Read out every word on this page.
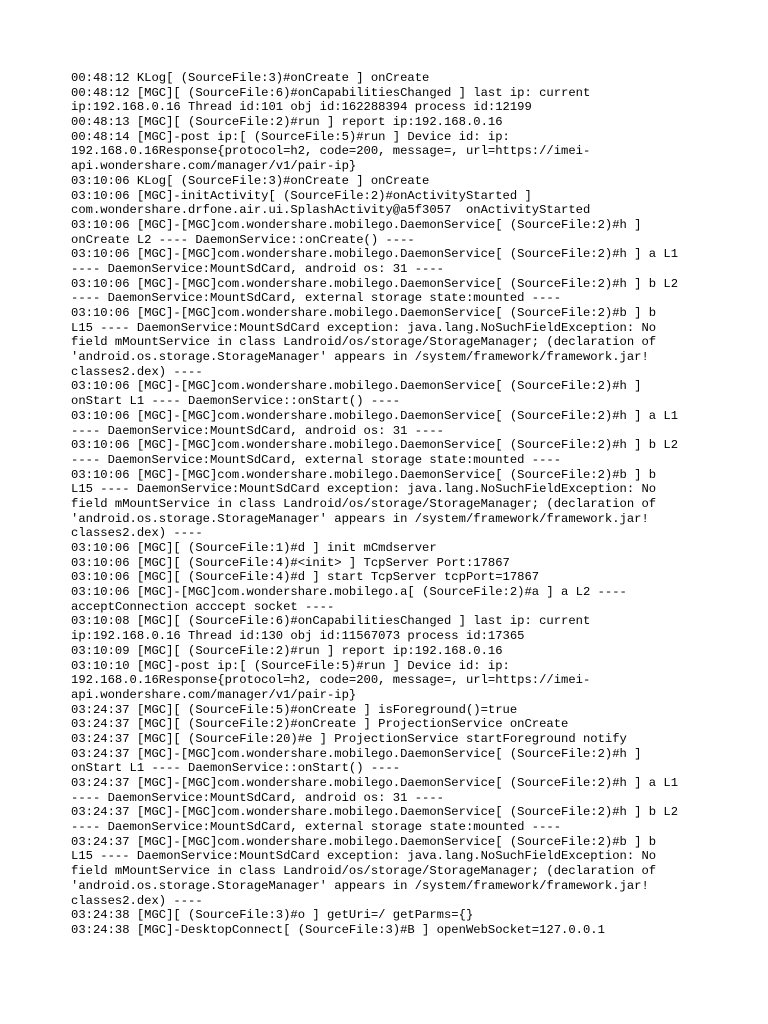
00:48:12 KLog[ (SourceFile:3)#onCreate ] onCreate
00:48:12 [MGC][ (SourceFile:6)#onCapabilitiesChanged ] last ip: current
ip:192.168.0.16 Thread id:101 obj id:162288394 process id:12199
00:48:13 [MGC][ (SourceFile:2)#run ] report ip:192.168.0.16
00:48:14 [MGC]-post ip:[ (SourceFile:5)#run ] Device id: ip:
192.168.0.16Response{protocol=h2, code=200, message=, url=https://imei-
api.wondershare.com/manager/v1/pair-ip}
03:10:06 KLog[ (SourceFile:3)#onCreate ] onCreate
03:10:06 [MGC]-initActivity[ (SourceFile:2)#onActivityStarted ]
com.wondershare.drfone.air.ui.SplashActivity@a5f3057  onActivityStarted
03:10:06 [MGC]-[MGC]com.wondershare.mobilego.DaemonService[ (SourceFile:2)#h ]
onCreate L2 ---- DaemonService::onCreate() ----
03:10:06 [MGC]-[MGC]com.wondershare.mobilego.DaemonService[ (SourceFile:2)#h ] a L1
---- DaemonService:MountSdCard, android os: 31 ----
03:10:06 [MGC]-[MGC]com.wondershare.mobilego.DaemonService[ (SourceFile:2)#h ] b L2
---- DaemonService:MountSdCard, external storage state:mounted ----
03:10:06 [MGC]-[MGC]com.wondershare.mobilego.DaemonService[ (SourceFile:2)#b ] b
L15 ---- DaemonService:MountSdCard exception: java.lang.NoSuchFieldException: No
field mMountService in class Landroid/os/storage/StorageManager; (declaration of
'android.os.storage.StorageManager' appears in /system/framework/framework.jar!
classes2.dex) ----
03:10:06 [MGC]-[MGC]com.wondershare.mobilego.DaemonService[ (SourceFile:2)#h ]
onStart L1 ---- DaemonService::onStart() ----
03:10:06 [MGC]-[MGC]com.wondershare.mobilego.DaemonService[ (SourceFile:2)#h ] a L1
---- DaemonService:MountSdCard, android os: 31 ----
03:10:06 [MGC]-[MGC]com.wondershare.mobilego.DaemonService[ (SourceFile:2)#h ] b L2
---- DaemonService:MountSdCard, external storage state:mounted ----
03:10:06 [MGC]-[MGC]com.wondershare.mobilego.DaemonService[ (SourceFile:2)#b ] b
L15 ---- DaemonService:MountSdCard exception: java.lang.NoSuchFieldException: No
field mMountService in class Landroid/os/storage/StorageManager; (declaration of
'android.os.storage.StorageManager' appears in /system/framework/framework.jar!
classes2.dex) ----
03:10:06 [MGC][ (SourceFile:1)#d ] init mCmdserver
03:10:06 [MGC][ (SourceFile:4)#<init> ] TcpServer Port:17867
03:10:06 [MGC][ (SourceFile:4)#d ] start TcpServer tcpPort=17867
03:10:06 [MGC]-[MGC]com.wondershare.mobilego.a[ (SourceFile:2)#a ] a L2 ----
acceptConnection acccept socket ----
03:10:08 [MGC][ (SourceFile:6)#onCapabilitiesChanged ] last ip: current
ip:192.168.0.16 Thread id:130 obj id:11567073 process id:17365
03:10:09 [MGC][ (SourceFile:2)#run ] report ip:192.168.0.16
03:10:10 [MGC]-post ip:[ (SourceFile:5)#run ] Device id: ip:
192.168.0.16Response{protocol=h2, code=200, message=, url=https://imei-
api.wondershare.com/manager/v1/pair-ip}
03:24:37 [MGC][ (SourceFile:5)#onCreate ] isForeground()=true
03:24:37 [MGC][ (SourceFile:2)#onCreate ] ProjectionService onCreate
03:24:37 [MGC][ (SourceFile:20)#e ] ProjectionService startForeground notify
03:24:37 [MGC]-[MGC]com.wondershare.mobilego.DaemonService[ (SourceFile:2)#h ]
onStart L1 ---- DaemonService::onStart() ----
03:24:37 [MGC]-[MGC]com.wondershare.mobilego.DaemonService[ (SourceFile:2)#h ] a L1
---- DaemonService:MountSdCard, android os: 31 ----
03:24:37 [MGC]-[MGC]com.wondershare.mobilego.DaemonService[ (SourceFile:2)#h ] b L2
---- DaemonService:MountSdCard, external storage state:mounted ----
03:24:37 [MGC]-[MGC]com.wondershare.mobilego.DaemonService[ (SourceFile:2)#b ] b
L15 ---- DaemonService:MountSdCard exception: java.lang.NoSuchFieldException: No
field mMountService in class Landroid/os/storage/StorageManager; (declaration of
'android.os.storage.StorageManager' appears in /system/framework/framework.jar!
classes2.dex) ----
03:24:38 [MGC][ (SourceFile:3)#o ] getUri=/ getParms={}
03:24:38 [MGC]-DesktopConnect[ (SourceFile:3)#B ] openWebSocket=127.0.0.1
